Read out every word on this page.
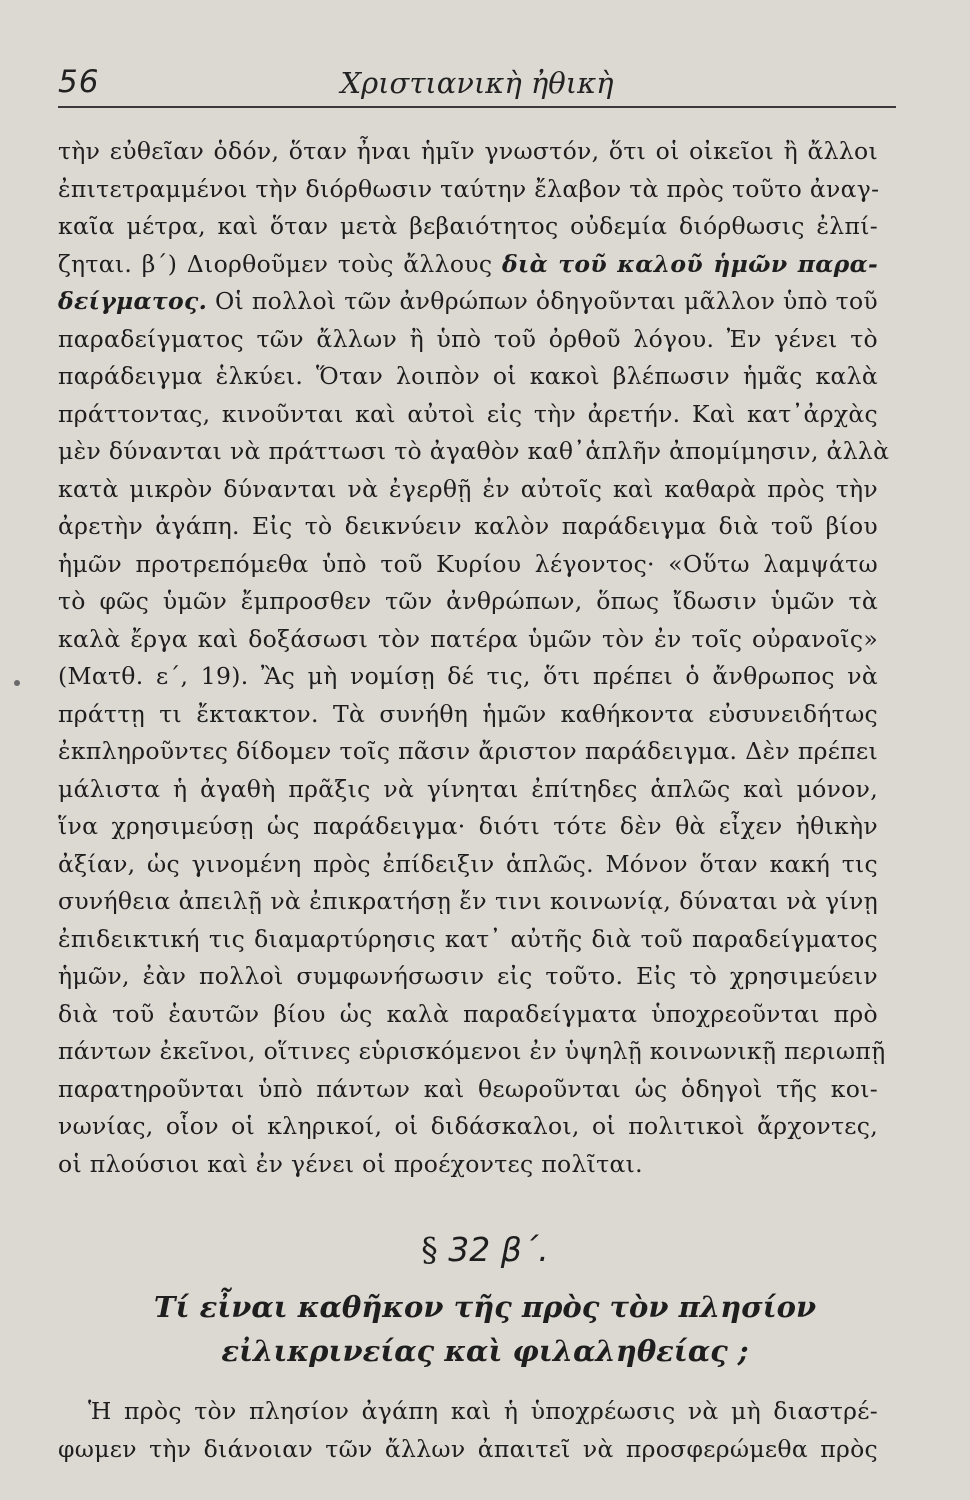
56	Χριστιανικὴ ἠθικὴ
τὴν εὐθεῖαν ὁδόν, ὅταν ἦναι ἡμῖν γνωστόν, ὅτι οἱ οἰκεῖοι ἢ ἄλλοι
ἐπιτετραμμένοι τὴν διόρθωσιν ταύτην ἔλαβον τὰ πρὸς τοῦτο ἀναγ-
καῖα μέτρα, καὶ ὅταν μετὰ βεβαιότητος οὐδεμία διόρθωσις ἐλπί-
ζηται. β΄) Διορθοῦμεν τοὺς ἄλλους διὰ τοῦ καλοῦ ἡμῶν παρα-
δείγματος. Οἱ πολλοὶ τῶν ἀνθρώπων ὁδηγοῦνται μᾶλλον ὑπὸ τοῦ
παραδείγματος τῶν ἄλλων ἢ ὑπὸ τοῦ ὀρθοῦ λόγου. Ἐν γένει τὸ
παράδειγμα ἑλκύει. Ὅταν λοιπὸν οἱ κακοὶ βλέπωσιν ἡμᾶς καλὰ
πράττοντας, κινοῦνται καὶ αὐτοὶ εἰς τὴν ἀρετήν. Καὶ κατ᾽ἀρχὰς
μὲν δύνανται νὰ πράττωσι τὸ ἀγαθὸν καθ᾽ἁπλῆν ἀπομίμησιν, ἀλλὰ
κατὰ μικρὸν δύνανται νὰ ἐγερθῇ ἐν αὐτοῖς καὶ καθαρὰ πρὸς τὴν
ἀρετὴν ἀγάπη. Εἰς τὸ δεικνύειν καλὸν παράδειγμα διὰ τοῦ βίου
ἡμῶν προτρεπόμεθα ὑπὸ τοῦ Κυρίου λέγοντος· «Οὕτω λαμψάτω
τὸ φῶς ὑμῶν ἔμπροσθεν τῶν ἀνθρώπων, ὅπως ἴδωσιν ὑμῶν τὰ
καλὰ ἔργα καὶ δοξάσωσι τὸν πατέρα ὑμῶν τὸν ἐν τοῖς οὐρανοῖς»
(Ματθ. ε΄, 19). Ἂς μὴ νομίσῃ δέ τις, ὅτι πρέπει ὁ ἄνθρωπος νὰ
πράττῃ τι ἔκτακτον. Τὰ συνήθη ἡμῶν καθήκοντα εὐσυνειδήτως
ἐκπληροῦντες δίδομεν τοῖς πᾶσιν ἄριστον παράδειγμα. Δὲν πρέπει
μάλιστα ἡ ἀγαθὴ πρᾶξις νὰ γίνηται ἐπίτηδες ἁπλῶς καὶ μόνον,
ἵνα χρησιμεύσῃ ὡς παράδειγμα· διότι τότε δὲν θὰ εἶχεν ἠθικὴν
ἀξίαν, ὡς γινομένη πρὸς ἐπίδειξιν ἁπλῶς. Μόνον ὅταν κακή τις
συνήθεια ἀπειλῇ νὰ ἐπικρατήσῃ ἔν τινι κοινωνίᾳ, δύναται νὰ γίνῃ
ἐπιδεικτική τις διαμαρτύρησις κατ᾽ αὐτῆς διὰ τοῦ παραδείγματος
ἡμῶν, ἐὰν πολλοὶ συμφωνήσωσιν εἰς τοῦτο. Εἰς τὸ χρησιμεύειν
διὰ τοῦ ἑαυτῶν βίου ὡς καλὰ παραδείγματα ὑποχρεοῦνται πρὸ
πάντων ἐκεῖνοι, οἵτινες εὑρισκόμενοι ἐν ὑψηλῇ κοινωνικῇ περιωπῇ
παρατηροῦνται ὑπὸ πάντων καὶ θεωροῦνται ὡς ὁδηγοὶ τῆς κοι-
νωνίας, οἷον οἱ κληρικοί, οἱ διδάσκαλοι, οἱ πολιτικοὶ ἄρχοντες,
οἱ πλούσιοι καὶ ἐν γένει οἱ προέχοντες πολῖται.
§ 32 β΄.
Τί εἶναι καθῆκον τῆς πρὸς τὸν πλησίον
εἰλικρινείας καὶ φιλαληθείας ;
Ἡ πρὸς τὸν πλησίον ἀγάπη καὶ ἡ ὑποχρέωσις νὰ μὴ διαστρέ-
φωμεν τὴν διάνοιαν τῶν ἄλλων ἀπαιτεῖ νὰ προσφερώμεθα πρὸς
